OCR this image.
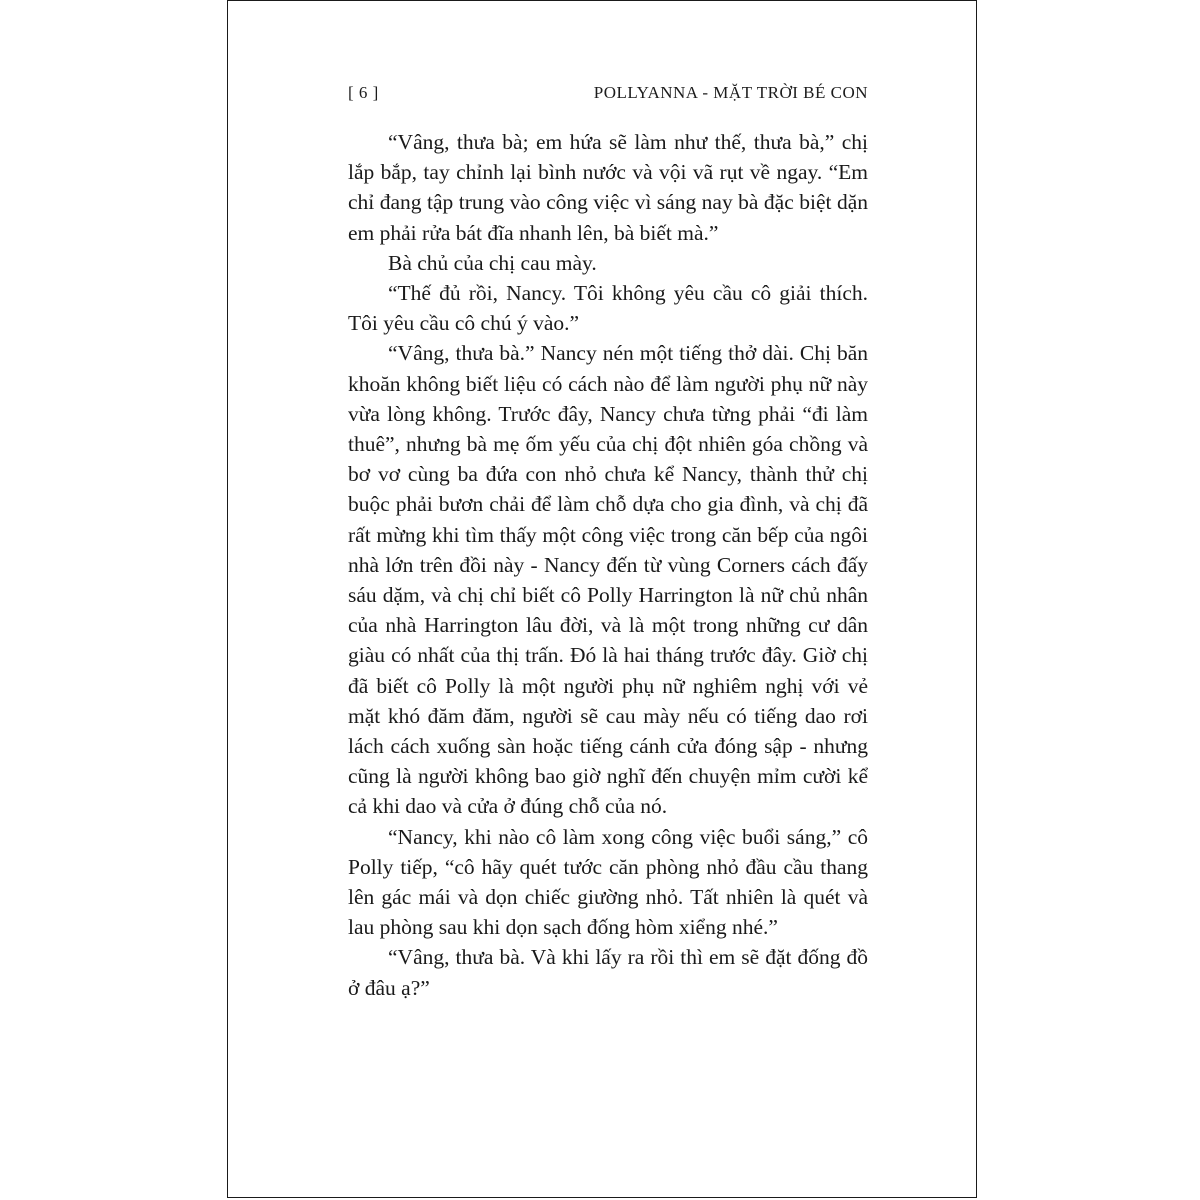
[ 6 ]	POLLYANNA - MẶT TRỜI BÉ CON

“Vâng, thưa bà; em hứa sẽ làm như thế, thưa bà,” chị lắp bắp, tay chỉnh lại bình nước và vội vã rụt về ngay. “Em chỉ đang tập trung vào công việc vì sáng nay bà đặc biệt dặn em phải rửa bát đĩa nhanh lên, bà biết mà.”

Bà chủ của chị cau mày.

“Thế đủ rồi, Nancy. Tôi không yêu cầu cô giải thích. Tôi yêu cầu cô chú ý vào.”

“Vâng, thưa bà.” Nancy nén một tiếng thở dài. Chị băn khoăn không biết liệu có cách nào để làm người phụ nữ này vừa lòng không. Trước đây, Nancy chưa từng phải “đi làm thuê”, nhưng bà mẹ ốm yếu của chị đột nhiên góa chồng và bơ vơ cùng ba đứa con nhỏ chưa kể Nancy, thành thử chị buộc phải bươn chải để làm chỗ dựa cho gia đình, và chị đã rất mừng khi tìm thấy một công việc trong căn bếp của ngôi nhà lớn trên đồi này - Nancy đến từ vùng Corners cách đấy sáu dặm, và chị chỉ biết cô Polly Harrington là nữ chủ nhân của nhà Harrington lâu đời, và là một trong những cư dân giàu có nhất của thị trấn. Đó là hai tháng trước đây. Giờ chị đã biết cô Polly là một người phụ nữ nghiêm nghị với vẻ mặt khó đăm đăm, người sẽ cau mày nếu có tiếng dao rơi lách cách xuống sàn hoặc tiếng cánh cửa đóng sập - nhưng cũng là người không bao giờ nghĩ đến chuyện mỉm cười kể cả khi dao và cửa ở đúng chỗ của nó.

“Nancy, khi nào cô làm xong công việc buổi sáng,” cô Polly tiếp, “cô hãy quét tước căn phòng nhỏ đầu cầu thang lên gác mái và dọn chiếc giường nhỏ. Tất nhiên là quét và lau phòng sau khi dọn sạch đống hòm xiểng nhé.”

“Vâng, thưa bà. Và khi lấy ra rồi thì em sẽ đặt đống đồ ở đâu ạ?”
